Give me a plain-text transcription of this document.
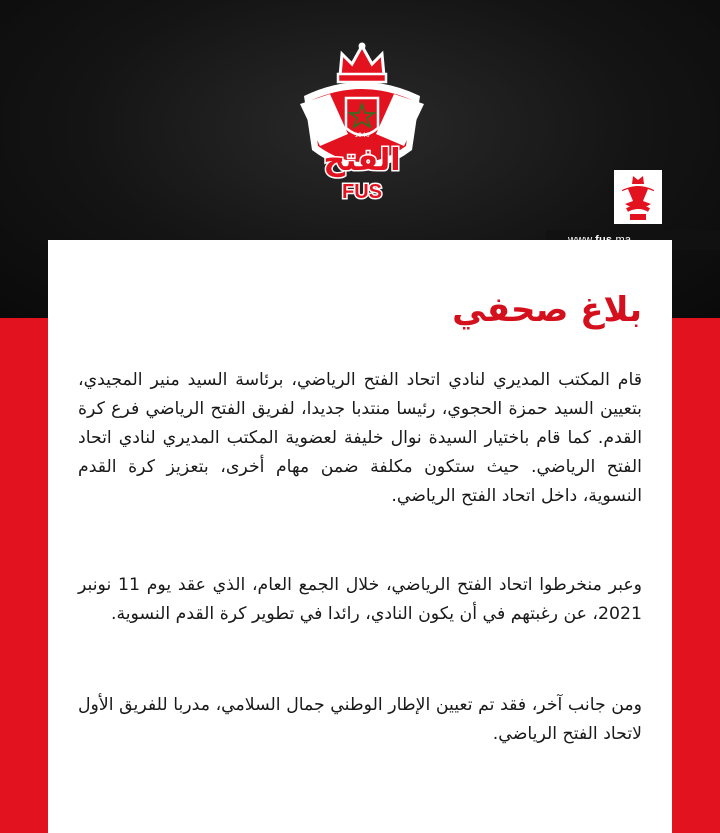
1946
الفتح
FUS
بلاغ صحفي

قام المكتب المديري لنادي اتحاد الفتح الرياضي، برئاسة السيد منير المجيدي، بتعيين السيد حمزة الحجوي، رئيسا منتدبا جديدا، لفريق الفتح الرياضي فرع كرة القدم. كما قام باختيار السيدة نوال خليفة لعضوية المكتب المديري لنادي اتحاد الفتح الرياضي. حيث ستكون مكلفة ضمن مهام أخرى، بتعزيز كرة القدم النسوية، داخل اتحاد الفتح الرياضي.

وعبر منخرطوا اتحاد الفتح الرياضي، خلال الجمع العام، الذي عقد يوم 11 نونبر 2021، عن رغبتهم في أن يكون النادي، رائدا في تطوير كرة القدم النسوية.

ومن جانب آخر، فقد تم تعيين الإطار الوطني جمال السلامي، مدربا للفريق الأول لاتحاد الفتح الرياضي.
